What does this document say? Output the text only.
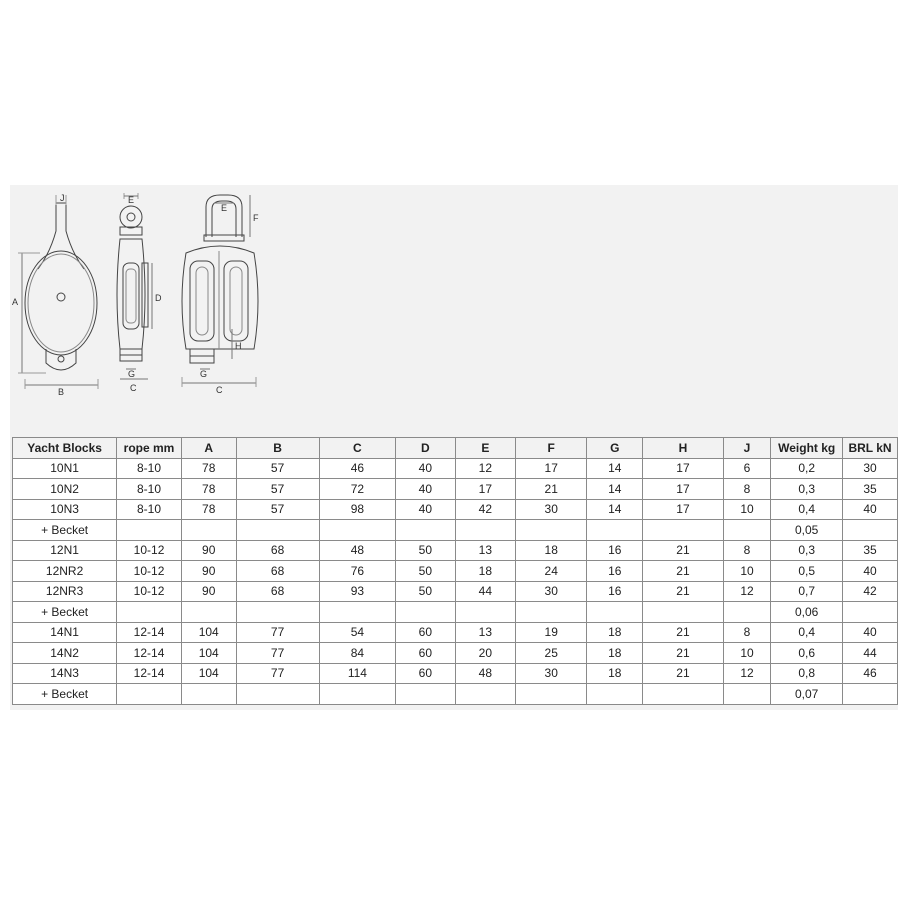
J
A
B
E
D
G
C
E
F
H
G
C
Yacht Blocks	rope mm	A	B	C	D	E	F	G	H	J	Weight kg	BRL kN
10N1	8-10	78	57	46	40	12	17	14	17	6	0,2	30
10N2	8-10	78	57	72	40	17	21	14	17	8	0,3	35
10N3	8-10	78	57	98	40	42	30	14	17	10	0,4	40
+ Becket											0,05	
12N1	10-12	90	68	48	50	13	18	16	21	8	0,3	35
12NR2	10-12	90	68	76	50	18	24	16	21	10	0,5	40
12NR3	10-12	90	68	93	50	44	30	16	21	12	0,7	42
+ Becket											0,06	
14N1	12-14	104	77	54	60	13	19	18	21	8	0,4	40
14N2	12-14	104	77	84	60	20	25	18	21	10	0,6	44
14N3	12-14	104	77	114	60	48	30	18	21	12	0,8	46
+ Becket											0,07	
